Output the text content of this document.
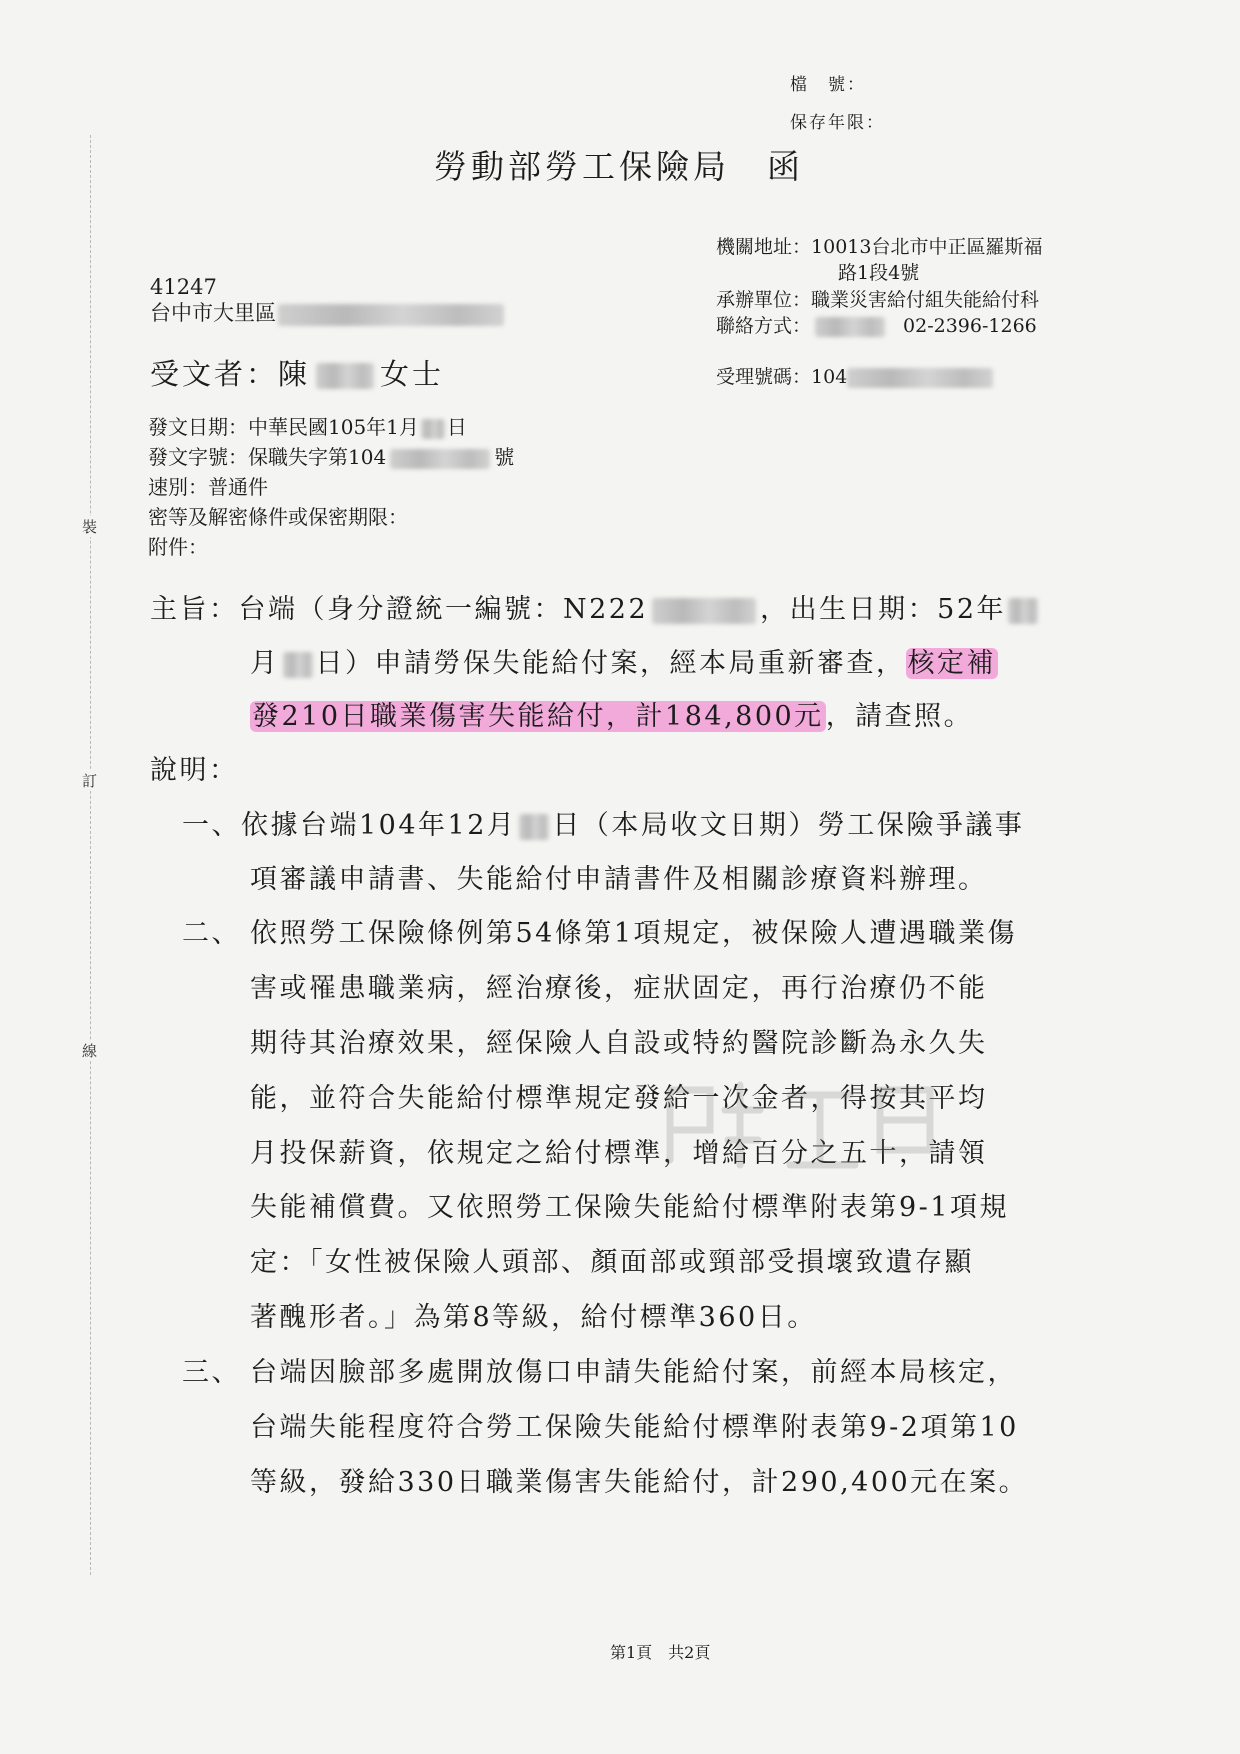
裝
訂
線
檔　號：
保存年限：
勞動部勞工保險局　函
機關地址：10013台北市中正區羅斯福
路1段4號
承辦單位：職業災害給付組失能給付科
聯絡方式：	02-2396-1266
受理號碼：104
41247
台中市大里區
受文者：陳 女士
發文日期：中華民國105年1月 日
發文字號：保職失字第104	號
速別：普通件
密等及解密條件或保密期限：
附件：
主旨：台端（身分證統一編號：N222	，出生日期：52年
月 日）申請勞保失能給付案，經本局重新審查，核定補
發210日職業傷害失能給付，計184,800元，請查照。
說明：
一、依據台端104年12月 日（本局收文日期）勞工保險爭議事
項審議申請書、失能給付申請書件及相關診療資料辦理。
二、 依照勞工保險條例第54條第1項規定，被保險人遭遇職業傷
害或罹患職業病，經治療後，症狀固定，再行治療仍不能
期待其治療效果，經保險人自設或特約醫院診斷為永久失
能，並符合失能給付標準規定發給一次金者，得按其平均
月投保薪資，依規定之給付標準，增給百分之五十，請領
失能補償費。又依照勞工保險失能給付標準附表第9-1項規
定：「女性被保險人頭部、顏面部或頸部受損壞致遺存顯
著醜形者。」為第8等級，給付標準360日。
三、 台端因臉部多處開放傷口申請失能給付案，前經本局核定，
台端失能程度符合勞工保險失能給付標準附表第9-2項第10
等級，發給330日職業傷害失能給付，計290,400元在案。
第1頁　共2頁
